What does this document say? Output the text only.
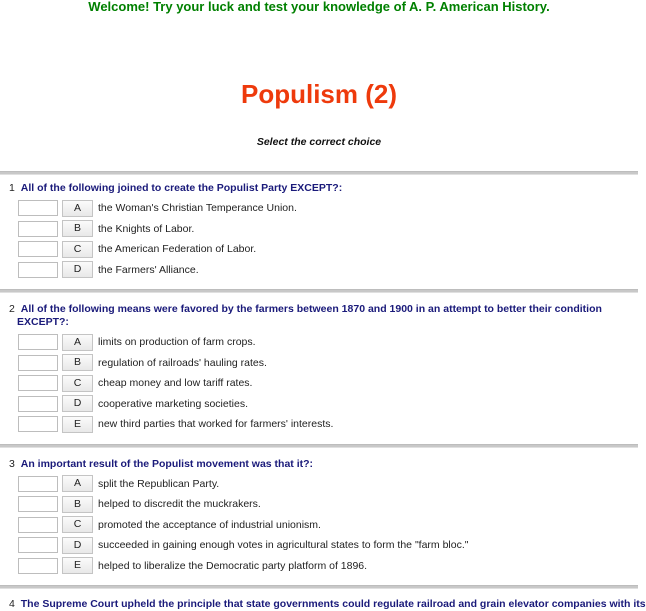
Welcome! Try your luck and test your knowledge of A. P. American History.
Populism (2)
Select the correct choice
1 All of the following joined to create the Populist Party EXCEPT?:
A	the Woman's Christian Temperance Union.
B	the Knights of Labor.
C	the American Federation of Labor.
D	the Farmers' Alliance.
2 All of the following means were favored by the farmers between 1870 and 1900 in an attempt to better their condition
EXCEPT?:
A	limits on production of farm crops.
B	regulation of railroads' hauling rates.
C	cheap money and low tariff rates.
D	cooperative marketing societies.
E	new third parties that worked for farmers' interests.
3 An important result of the Populist movement was that it?:
A	split the Republican Party.
B	helped to discredit the muckrakers.
C	promoted the acceptance of industrial unionism.
D	succeeded in gaining enough votes in agricultural states to form the "farm bloc."
E	helped to liberalize the Democratic party platform of 1896.
4 The Supreme Court upheld the principle that state governments could regulate railroad and grain elevator companies with its
